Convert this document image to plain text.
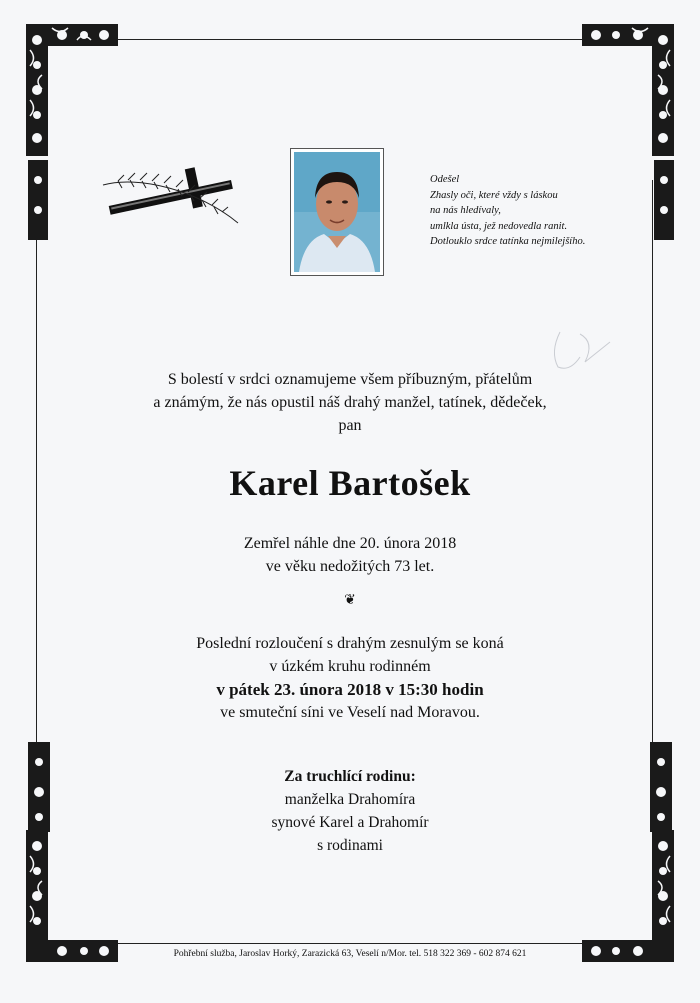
Odešel
Zhasly oči, které vždy s láskou
na nás hledívaly,
umlkla ústa, jež nedovedla ranit.
Dotlouklo srdce tatínka nejmilejšího.
S bolestí v srdci oznamujeme všem příbuzným, přátelům
a známým, že nás opustil náš drahý manžel, tatínek, dědeček,
pan
Karel Bartošek
Zemřel náhle dne 20. února 2018
ve věku nedožitých 73 let.
❦
Poslední rozloučení s drahým zesnulým se koná
v úzkém kruhu rodinném
v pátek 23. února 2018 v 15:30 hodin
ve smuteční síni ve Veselí nad Moravou.
Za truchlící rodinu:
manželka Drahomíra
synové Karel a Drahomír
s rodinami
Pohřební služba, Jaroslav Horký, Zarazická 63, Veselí n/Mor. tel. 518 322 369 - 602 874 621
